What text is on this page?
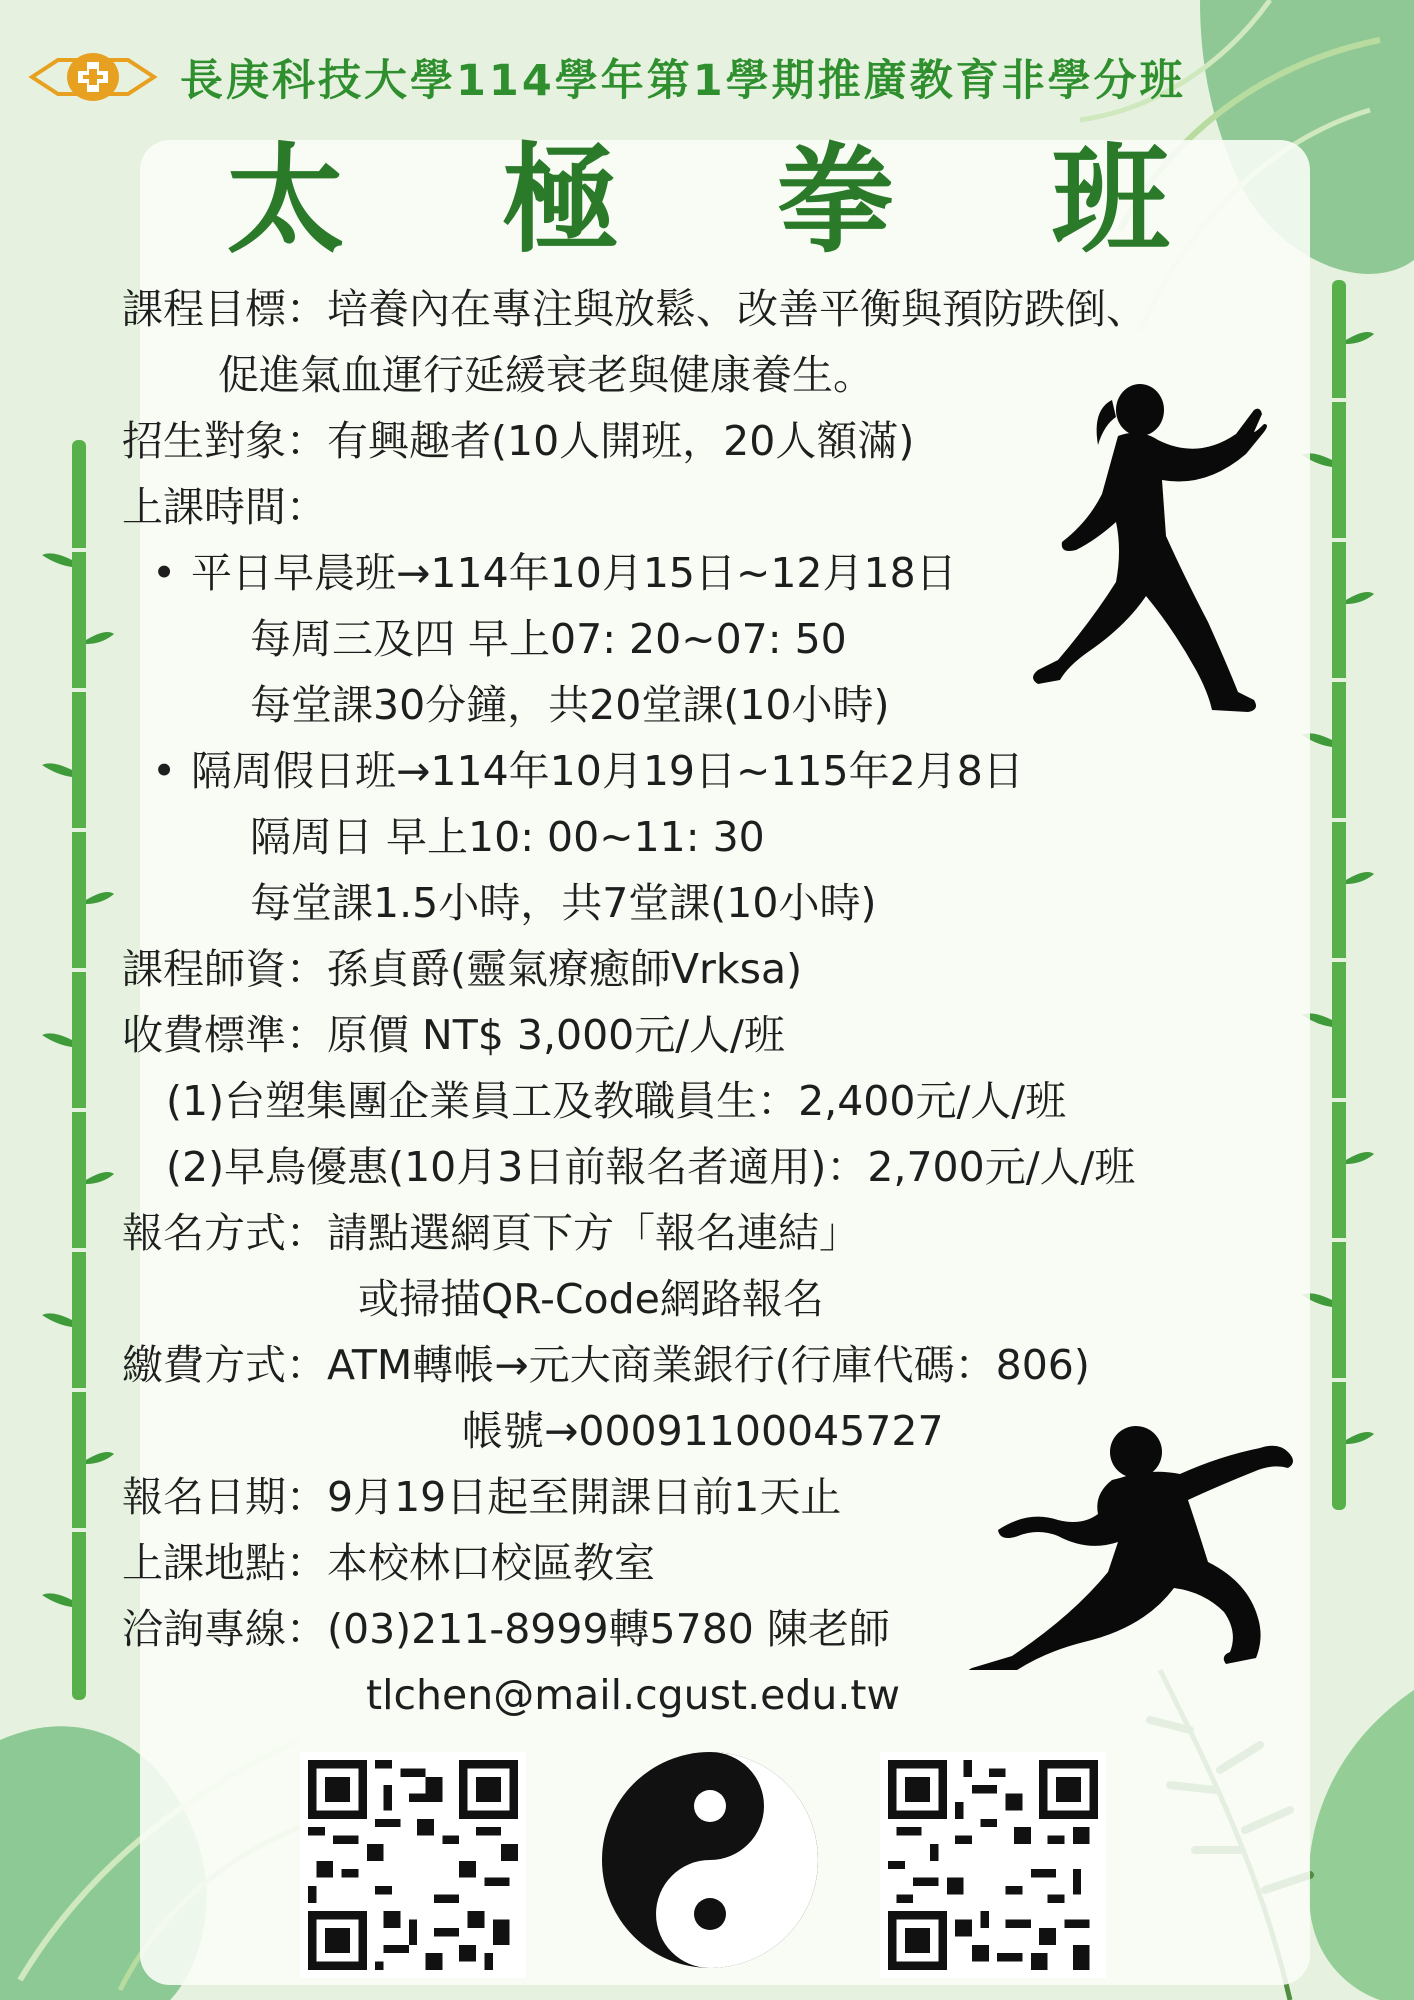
長庚科技大學114學年第1學期推廣教育非學分班
太 極 拳 班
課程目標：培養內在專注與放鬆、改善平衡與預防跌倒、
促進氣血運行延緩衰老與健康養生。
招生對象：有興趣者(10人開班，20人額滿)
上課時間：
• 平日早晨班→114年10月15日~12月18日
每周三及四 早上07: 20~07: 50
每堂課30分鐘，共20堂課(10小時)
• 隔周假日班→114年10月19日~115年2月8日
隔周日 早上10: 00~11: 30
每堂課1.5小時，共7堂課(10小時)
課程師資：孫貞爵(靈氣療癒師Vrksa)
收費標準：原價 NT$ 3,000元/人/班
(1)台塑集團企業員工及教職員生：2,400元/人/班
(2)早鳥優惠(10月3日前報名者適用)：2,700元/人/班
報名方式：請點選網頁下方「報名連結」
或掃描QR-Code網路報名
繳費方式：ATM轉帳→元大商業銀行(行庫代碼：806)
帳號→00091100045727
報名日期：9月19日起至開課日前1天止
上課地點：本校林口校區教室
洽詢專線：(03)211-8999轉5780 陳老師
tlchen@mail.cgust.edu.tw
